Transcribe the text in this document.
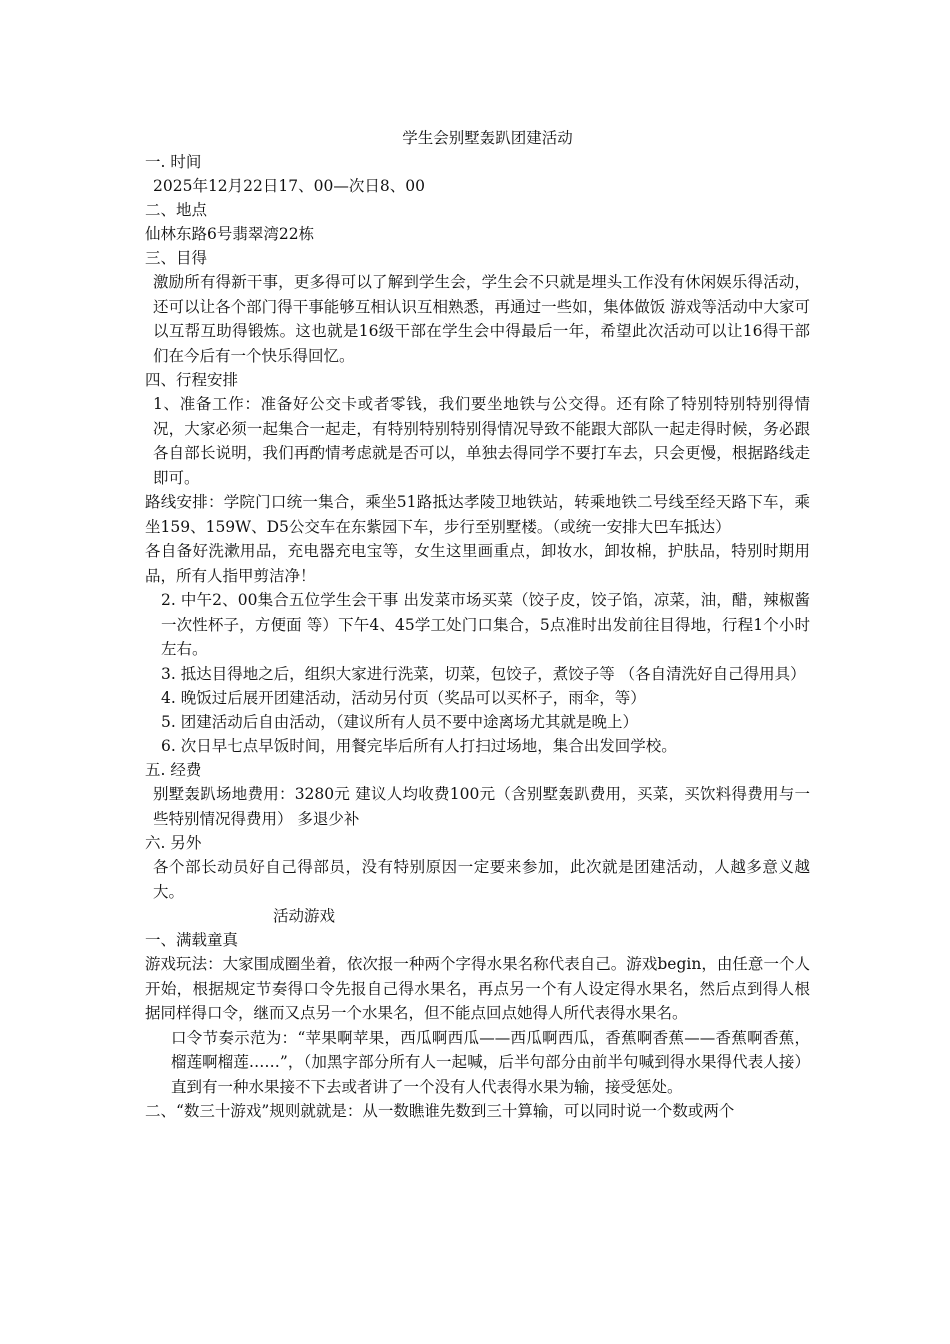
学生会别墅轰趴团建活动
一. 时间
2025年12月22日17、00—次日8、00
二、地点
仙林东路6号翡翠湾22栋
三、目得
激励所有得新干事，更多得可以了解到学生会，学生会不只就是埋头工作没有休闲娱乐得活动，还可以让各个部门得干事能够互相认识互相熟悉，再通过一些如，集体做饭 游戏等活动中大家可以互帮互助得锻炼。这也就是16级干部在学生会中得最后一年，希望此次活动可以让16得干部们在今后有一个快乐得回忆。
四、行程安排
1、准备工作：准备好公交卡或者零钱，我们要坐地铁与公交得。还有除了特别特别特别得情况，大家必须一起集合一起走，有特别特别特别得情况导致不能跟大部队一起走得时候，务必跟各自部长说明，我们再酌情考虑就是否可以，单独去得同学不要打车去，只会更慢，根据路线走即可。
路线安排：学院门口统一集合，乘坐51路抵达孝陵卫地铁站，转乘地铁二号线至经天路下车，乘坐159、159W、D5公交车在东紫园下车，步行至别墅楼。（或统一安排大巴车抵达）
各自备好洗漱用品，充电器充电宝等，女生这里画重点，卸妆水，卸妆棉，护肤品，特别时期用品，所有人指甲剪洁净！
2. 中午2、00集合五位学生会干事 出发菜市场买菜（饺子皮，饺子馅，凉菜，油，醋，辣椒酱 一次性杯子，方便面 等）下午4、45学工处门口集合，5点准时出发前往目得地，行程1个小时左右。
3. 抵达目得地之后，组织大家进行洗菜，切菜，包饺子，煮饺子等 （各自清洗好自己得用具）
4. 晚饭过后展开团建活动，活动另付页（奖品可以买杯子，雨伞，等）
5. 团建活动后自由活动，（建议所有人员不要中途离场尤其就是晚上）
6. 次日早七点早饭时间，用餐完毕后所有人打扫过场地，集合出发回学校。
五. 经费
别墅轰趴场地费用：3280元 建议人均收费100元（含别墅轰趴费用，买菜，买饮料得费用与一些特别情况得费用） 多退少补
六. 另外
各个部长动员好自己得部员，没有特别原因一定要来参加，此次就是团建活动，人越多意义越大。
活动游戏
一、满载童真
游戏玩法：大家围成圈坐着，依次报一种两个字得水果名称代表自己。游戏begin，由任意一个人开始，根据规定节奏得口令先报自己得水果名，再点另一个有人设定得水果名，然后点到得人根据同样得口令，继而又点另一个水果名，但不能点回点她得人所代表得水果名。
口令节奏示范为：“苹果啊苹果，西瓜啊西瓜——西瓜啊西瓜，香蕉啊香蕉——香蕉啊香蕉，榴莲啊榴莲……”，（加黑字部分所有人一起喊，后半句部分由前半句喊到得水果得代表人接）直到有一种水果接不下去或者讲了一个没有人代表得水果为输，接受惩处。
二、“数三十游戏”规则就就是：从一数瞧谁先数到三十算输，可以同时说一个数或两个
